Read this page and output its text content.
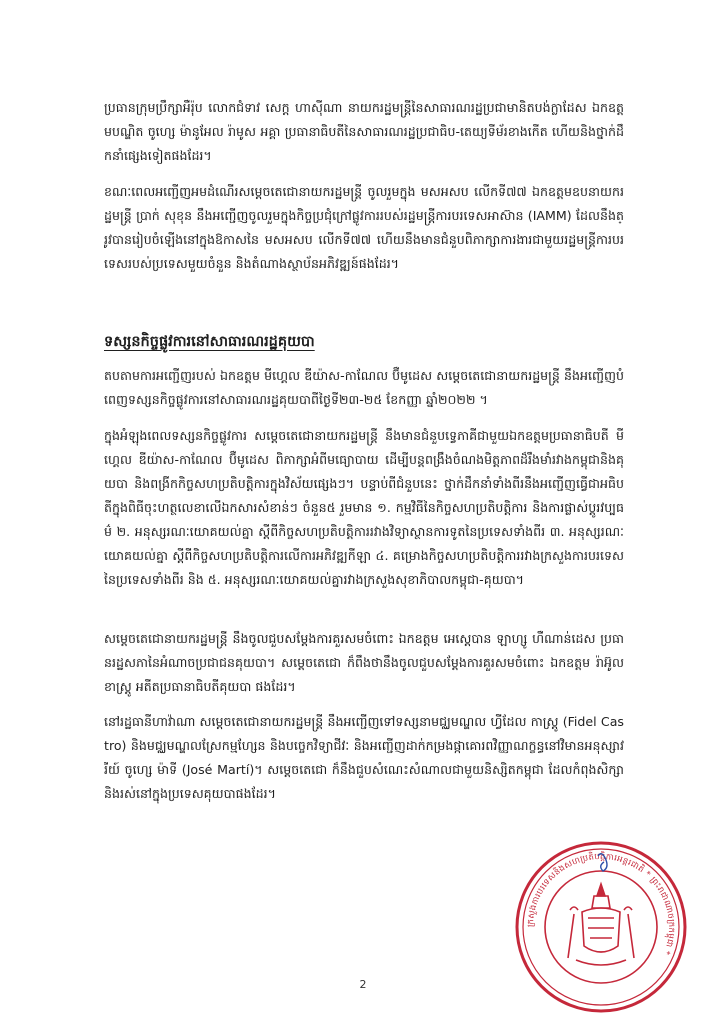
ប្រធានក្រុមប្រឹក្សាអឺរ៉ុប លោកជំទាវ សេក្ត ហាស៊ីណា នាយករដ្ឋមន្ត្រីនៃសាធារណរដ្ឋប្រជាមានិតបង់ក្លាដែស ឯកឧត្តមបណ្ឌិត ចូហ្សេ ម៉ានូអែល រ៉ាមូស អគ្គា ប្រធានាធិបតីនៃសាធារណរដ្ឋប្រជាធិប-តេយ្យទីម័រខាងកើត ហើយនិងថ្នាក់ដឹកនាំផ្សេងទៀតផងដែរ។
ខណៈពេលអញ្ជើញអមដំណើរសម្តេចតេជោនាយករដ្ឋមន្ត្រី ចូលរួមក្នុង មសអសប លើកទី៧៧ ឯកឧត្តមឧបនាយករដ្ឋមន្ត្រី ប្រាក់ សុខុន នឹងអញ្ជើញចូលរួមក្នុងកិច្ចប្រជុំក្រៅផ្លូវការរបស់រដ្ឋមន្ត្រីការបរទេសអាស៊ាន (IAMM) ដែលនឹងត្រូវបានរៀបចំឡើងនៅក្នុងឱកាសនៃ មសអសប លើកទី៧៧ ហើយនឹងមានជំនួបពិភាក្សាការងារជាមួយរដ្ឋមន្ត្រីការបរទេសរបស់ប្រទេសមួយចំនួន និងតំណាងស្ថាប័នអភិវឌ្ឍន៍ផងដែរ។
ទស្សនកិច្ចផ្លូវការនៅសាធារណរដ្ឋគុយបា
តបតាមការអញ្ជើញរបស់ ឯកឧត្តម មីហ្គេល ឌីយ៉ាស-កាណែល ប៊ឺមូដេស សម្តេចតេជោនាយករដ្ឋមន្ត្រី នឹងអញ្ជើញបំពេញទស្សនកិច្ចផ្លូវការនៅសាធារណរដ្ឋគុយបាពីថ្ងៃទី២៣-២៥ ខែកញ្ញា ឆ្នាំ២០២២ ។
ក្នុងអំឡុងពេលទស្សនកិច្ចផ្លូវការ សម្តេចតេជោនាយករដ្ឋមន្ត្រី នឹងមានជំនួបទ្វេភាគីជាមួយឯកឧត្តមប្រធានាធិបតី មីហ្គេល ឌីយ៉ាស-កាណែល ប៊ឺមូដេស ពិភាក្សាអំពីមធ្យោបាយ ដើម្បីបន្តពង្រឹងចំណងមិត្តភាពដ៏រឹងមាំរវាងកម្ពុជានិងគុយបា និងពង្រីកកិច្ចសហប្រតិបត្តិការក្នុងវិស័យផ្សេងៗ។ បន្ទាប់ពីជំនួបនេះ ថ្នាក់ដឹកនាំទាំងពីរនឹងអញ្ជើញធ្វើជាអធិបតីក្នុងពិធីចុះហត្ថលេខាលើឯកសារសំខាន់ៗ ចំនួន៥ រួមមាន ១. កម្មវិធីនៃកិច្ចសហប្រតិបត្តិការ និងការផ្លាស់ប្តូរវប្បធម៌ ២. អនុស្សរណៈយោគយល់គ្នា ស្តីពីកិច្ចសហប្រតិបត្តិការរវាងវិទ្យាស្ថានការទូតនៃប្រទេសទាំងពីរ ៣. អនុស្សរណៈយោគយល់គ្នា ស្តីពីកិច្ចសហប្រតិបត្តិការលើការអភិវឌ្ឍកីឡា ៤. គម្រោងកិច្ចសហប្រតិបត្តិការរវាងក្រសួងការបរទេសនៃប្រទេសទាំងពីរ និង ៥. អនុស្សរណៈយោគយល់គ្នារវាងក្រសួងសុខាភិបាលកម្ពុជា-គុយបា។
សម្តេចតេជោនាយករដ្ឋមន្ត្រី នឹងចូលជួបសម្តែងការគួរសមចំពោះ ឯកឧត្តម អេស្តេបាន ឡាហ្សូ ហឺណាន់ដេស ប្រធានរដ្ឋសភានៃអំណាចប្រជាជនគុយបា។ សម្តេចតេជោ ក៏ពឹងថានឹងចូលជួបសម្តែងការគួរសមចំពោះ ឯកឧត្តម រ៉ាអ៊ូល ខាស្ត្រូ អតីតប្រធានាធិបតីគុយបា ផងដែរ។
នៅរដ្ឋធានីហាវ៉ាណា សម្តេចតេជោនាយករដ្ឋមន្ត្រី នឹងអញ្ជើញទៅទស្សនាមជ្ឈមណ្ឌល ហ្វីដែល កាស្ត្រូ (Fidel Castro) និងមជ្ឈមណ្ឌលស្រែកម្មហ្សែន និងបច្ចេកវិទ្យាជីវៈ និងអញ្ជើញដាក់កម្រងផ្កាគោរពវិញ្ញាណក្ខន្ធនៅវិមានអនុស្សាវរីយ៍ ចូហ្សេ ម៉ាទី (José Martí)។ សម្តេចតេជោ ក៏នឹងជួបសំណេះសំណាលជាមួយនិស្សិតកម្ពុជា ដែលកំពុងសិក្សានិងរស់នៅក្នុងប្រទេសគុយបាផងដែរ។
ក្រសួងការបរទេសនិងសហប្រតិបត្តិការអន្តរជាតិ * ព្រះរាជាណាចក្រកម្ពុជា *
2
